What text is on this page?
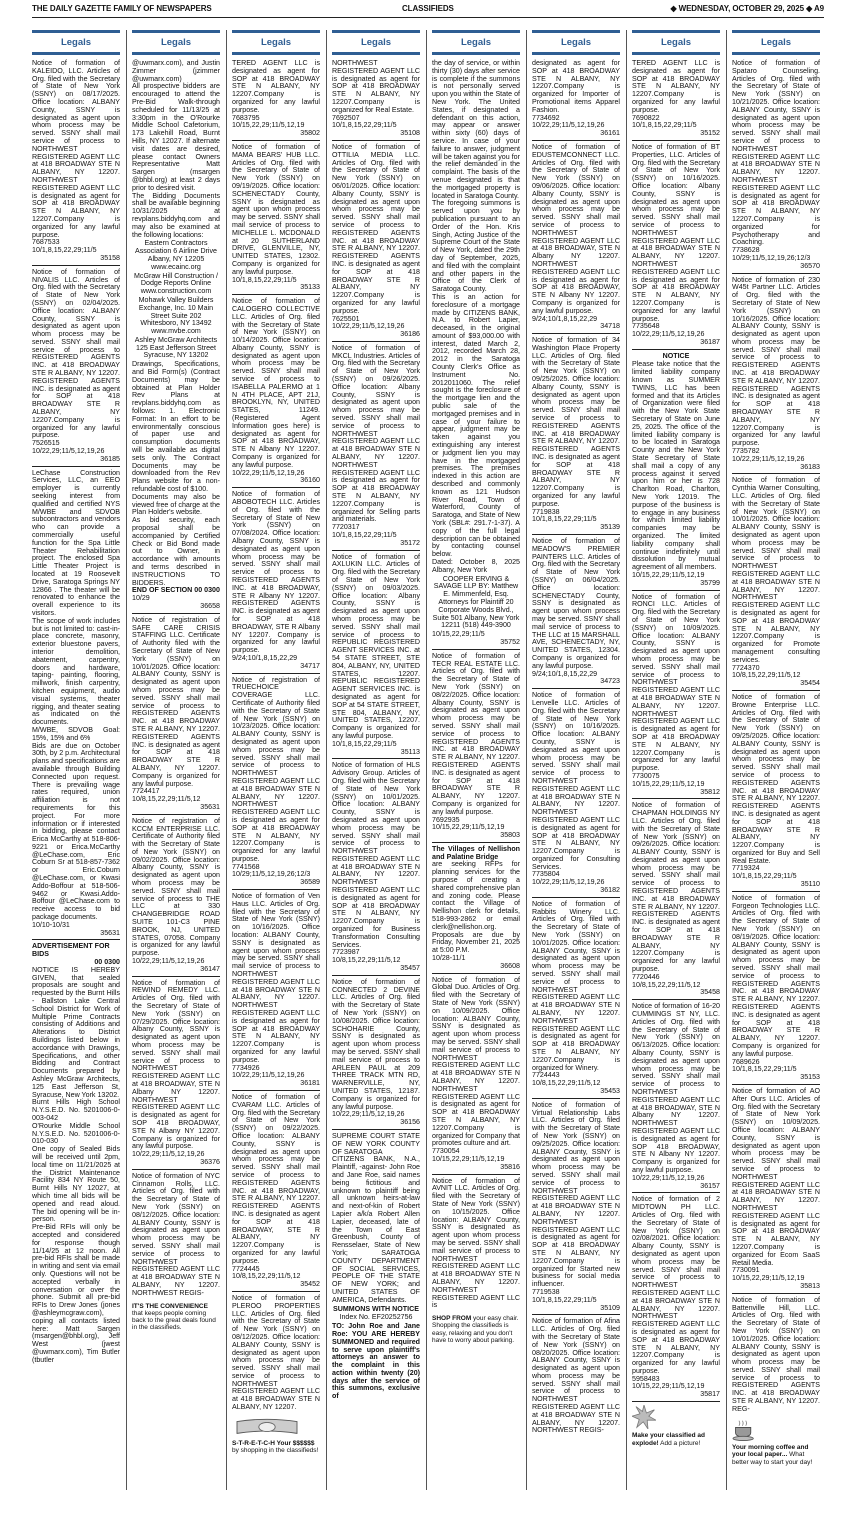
THE DAILY GAZETTE FAMILY OF NEWSPAPERS	CLASSIFIEDS	◆ WEDNESDAY, OCTOBER 29, 2025 ◆ A9
Legals

Notice of formation of KALEIDO, LLC. Articles of Org. filed with the Secretary of State of New York (SSNY) on 08/17/2025. Office location: ALBANY County, SSNY is designated as agent upon whom process may be served. SSNY shall mail service of process to NORTHWEST REGISTERED AGENT LLC at 418 BROADWAY STE N ALBANY, NY 12207. NORTHWEST REGISTERED AGENT LLC is designated as agent for SOP at 418 BROADWAY STE N ALBANY, NY 12207.Company is organized for any lawful purpose.

7687533

10/1,8,15,22,29;11/5

35158

Notice of formation of NIVALIS LLC. Articles of Org. filed with the Secretary of State of New York (SSNY) on 02/04/2025. Office location: ALBANY County, SSNY is designated as agent upon whom process may be served. SSNY shall mail service of process to REGISTERED AGENTS INC. at 418 BROADWAY STE R ALBANY, NY 12207. REGISTERED AGENTS INC. is designated as agent for SOP at 418 BROADWAY STE R ALBANY, NY 12207.Company is organized for any lawful purpose.

7526515

10/22,29;11/5,12,19,26

36185

LeChase Construction Services, LLC, an EEO employer is currently seeking interest from qualified and certified NYS M/WBE and SDVOB subcontractors and vendors who can provide a commercially useful function for the Spa Little Theater Rehabilitation project. The enclosed Spa Little Theater Project is located at 19 Roosevelt Drive, Saratoga Springs NY 12866 . The theater will be renovated to enhance the overall experience to its visitors.

The scope of work includes but is not limited to: cast-in-place concrete, masonry, exterior bluestone pavers, interior demolition, abatement, carpentry, doors and hardware, taping- painting, flooring, millwork, finish carpentry, kitchen equipment, audio visual systems, theater rigging, and theater seating as indicated on the documents.

M/WBE, SDVOB Goal: 15%, 15% and 6%

Bids are due on October 30th, by 2 p.m. Architectural plans and specifications are available through Building Connected upon request. There is prevailing wage rates required, union affiliation is not requirements for this project. For more information or if interested in bidding, please contact Erica McCarthy at 518-806-9221 or Erica.McCarthy @LeChase.com, Eric Coburn Sr at 518-857-7362 or Eric.Coburn @LeChase.com, or Kwasi Addo-Boffour at 518-506-9462 or Kwasi.Addo-Boffour @LeChase.com to receive access to bid package documents.

10/10-10/31

35631

ADVERTISEMENT FOR BIDS

00 0300

NOTICE IS HEREBY GIVEN, that sealed proposals are sought and requested by the Burnt Hills - Ballston Lake Central School District for Work of Multiple Prime Contracts consisting of Additions and Alterations to District Buildings listed below in accordance with Drawings, Specifications, and other Bidding and Contract Documents prepared by Ashley McGraw Architects, 125 East Jefferson St, Syracuse, New York 13202.

Burnt Hills High School N.Y.S.E.D. No. 5201006-0-003-042

O'Rourke Middle School N.Y.S.E.D. No. 5201006-0-010-030

One copy of Sealed Bids will be received until 2pm, local time on 11/21/2025 at the District Maintenance Facility 834 NY Route 50, Burnt Hills NY 12027, at which time all bids will be opened and read aloud. The bid opening will be in-person.

Pre-Bid RFIs will only be accepted and considered for response though 11/14/25 at 12 noon. All pre-bid RFIs shall be made in writing and sent via email only. Questions will not be accepted verbally in conversation or over the phone. Submit all pre-bid RFIs to Drew Jones (jones @ashleymcgraw.com), coping all contacts listed here: Matt Sargen (msargen@bhbl.org), Jeff West (jwest @uwmarx.com), Tim Butler (tbutler

Legals

@uwmarx.com), and Justin Zimmer (jzimmer @uwmarx.com)

All prospective bidders are encouraged to attend the Pre-Bid Walk-through scheduled for 11/13/25 at 3:30pm in the O'Rourke Middle School Cafetorium, 173 Lakehill Road, Burnt Hills, NY 12027. If alternate visit dates are desired, please contact Owners Representative Matt Sargen (msargen @bhbl.org) at least 2 days prior to desired visit.

The Bidding Documents shall be available beginning 10/31/2025 at revplans.biddyhq.com and may also be examined at the following locations:

Eastern Contractors Association 6 Airline Drive Albany, NY 12205 www.ecainc.org

McGraw Hill Construction / Dodge Reports Online www.construction.com

Mohawk Valley Builders Exchange, Inc. 10 Main Street Suite 202 Whitesboro, NY 13492 www.mvbe.com

Ashley McGraw Architects 125 East Jefferson Street Syracuse, NY 13202

Drawings, Specifications, and Bid Form(s) (Contract Documents) may be obtained at Plan Holder Rev Plans at revplans.biddyhq.com as follows: 1. Electronic Format: In an effort to be environmentally conscious of paper use and consumption documents will be available as digital sets only. The Contract Documents may be downloaded from the Rev Plans website for a non-refundable cost of $100.

Documents may also be viewed free of charge at the Plan Holder's website.

As bid security, each proposal shall be accompanied by Certified Check or Bid Bond made out to Owner, in accordance with amounts and terms described in INSTRUCTIONS TO BIDDERS.

END OF SECTION 00 0300

10/29

36658

Notice of registration of SAFE CARE CRISIS STAFFING LLC. Certificate of Authority filed with the Secretary of State of New York (SSNY) on 10/01/2025. Office location: ALBANY County, SSNY is designated as agent upon whom process may be served. SSNY shall mail service of process to REGISTERED AGENTS INC. at 418 BROADWAY STE R ALBANY, NY 12207. REGISTERED AGENTS INC. is designated as agent for SOP at 418 BROADWAY STE R ALBANY, NY 12207. Company is organized for any lawful purpose.

7724417

10/8,15,22,29;11/5,12

35631

Notice of registration of KCCM ENTERPRISE LLC. Certificate of Authority filed with the Secretary of State of New York (SSNY) on 09/02/2025. Office location: Albany County, SSNY is designated as agent upon whom process may be served. SSNY shall mail service of process to THE LLC at 330 CHANGEBRIDGE ROAD SUITE 101-C3 PINE BROOK, NJ, UNITED STATES, 07058. Company is organized for any lawful purpose.

10/22,29;11/5,12,19,26

36147

Notice of formation of REWIND REMEDY LLC. Articles of Org. filed with the Secretary of State of New York (SSNY) on 07/29/2025. Office location: Albany County, SSNY is designated as agent upon whom process may be served. SSNY shall mail service of process to NORTHWEST REGISTERED AGENT LLC at 418 BROADWAY, STE N Albany NY 12207. NORTHWEST REGISTERED AGENT LLC is designated as agent for SOP 418 BROADWAY, STE N Albany NY 12207. Company is organized for any lawful purpose.

10/22,29;11/5,12,19,26

36376

Notice of formation of NYC Cinnamon Rolls, LLC. Articles of Org. filed with the Secretary of State of New York (SSNY) on 08/12/2025. Office location: ALBANY County, SSNY is designated as agent upon whom process may be served. SSNY shall mail service of process to NORTHWEST REGISTERED AGENT LLC at 418 BROADWAY STE N ALBANY, NY 12207. NORTHWEST REGIS-

IT'S THE CONVENIENCE that keeps people coming back to the great deals found in the classifieds.
Legals

TERED AGENT LLC is designated as agent for SOP at 418 BROADWAY STE N ALBANY, NY 12207.Company is organized for any lawful purpose.

7683795

10/15,22,29;11/5,12,19

35802

Notice of formation of MAMA BEARS' HUB LLC. Articles of Org. filed with the Secretary of State of New York (SSNY) on 09/19/2025. Office location: SCHENECTADY County, SSNY is designated as agent upon whom process may be served. SSNY shall mail service of process to MICHELLE L. MCDONALD at 20 SUTHERLAND DRIVE, GLENVILLE, NY, UNITED STATES, 12302. Company is organized for any lawful purpose.

10/1,8,15,22,29;11/5

35133

Notice of formation of CALOGERO COLLECTIVE LLC. Articles of Org. filed with the Secretary of State of New York (SSNY) on 10/14/2025. Office location: Albany County, SSNY is designated as agent upon whom process may be served. SSNY shall mail service of process to ISABELLA PALERMO at 1 N 4TH PLACE, APT 21J, BROOKLYN, NY, UNITED STATES, 11249. (Registered Agent Information goes here) is designated as agent for SOP at 418 BROADWAY, STE N Albany NY 12207. Company is organized for any lawful purpose.

10/22,29;11/5,12,19,26

36160

Notice of formation of ABOBOTECH LLC. Articles of Org. filed with the Secretary of State of New York (SSNY) on 07/08/2024. Office location: Albany County, SSNY is designated as agent upon whom process may be served. SSNY shall mail service of process to REGISTERED AGENTS INC. at 418 BROADWAY, STE R Albany NY 12207. REGISTERED AGENTS INC. is designated as agent for SOP at 418 BROADWAY, STE R Albany NY 12207. Company is organized for any lawful purpose.

9/24;10/1,8,15,22,29

34717

Notice of registration of TRUECHOICE COVERAGE LLC. Certificate of Authority filed with the Secretary of State of New York (SSNY) on 10/23/2025. Office location: ALBANY County, SSNY is designated as agent upon whom process may be served. SSNY shall mail service of process to NORTHWEST REGISTERED AGENT LLC at 418 BROADWAY STE N ALBANY, NY 12207. NORTHWEST REGISTERED AGENT LLC is designated as agent for SOP at 418 BROADWAY STE N ALBANY, NY 12207.Company is organized for any lawful purpose.

7741568

10/29;11/5,12,19,26;12/3

36589

Notice of formation of Ven Haus LLC. Articles of Org. filed with the Secretary of State of New York (SSNY) on 10/16/2025. Office location: ALBANY County, SSNY is designated as agent upon whom process may be served. SSNY shall mail service of process to NORTHWEST REGISTERED AGENT LLC at 418 BROADWAY STE N ALBANY, NY 12207. NORTHWEST REGISTERED AGENT LLC is designated as agent for SOP at 418 BROADWAY STE N ALBANY, NY 12207.Company is organized for any lawful purpose.

7734926

10/22,29;11/5,12,19,26

36181

Notice of formation of CVARAM LLC. Articles of Org. filed with the Secretary of State of New York (SSNY) on 09/22/2025. Office location: ALBANY County, SSNY is designated as agent upon whom process may be served. SSNY shall mail service of process to REGISTERED AGENTS INC. at 418 BROADWAY, STE R ALBANY, NY 12207. REGISTERED AGENTS INC. is designated as agent for SOP at 418 BROADWAY, STE R ALBANY, NY 12207.Company is organized for any lawful purpose.

7724445

10/8,15,22,29;11/5,12

35452

Notice of formation of PLEROO PROPERTIES LLC. Articles of Org. filed with the Secretary of State of New York (SSNY) on 08/12/2025. Office location: ALBANY County, SSNY is designated as agent upon whom process may be served. SSNY shall mail service of process to NORTHWEST REGISTERED AGENT LLC at 418 BROADWAY STE N ALBANY, NY 12207.

S-T-R-E-T-C-H Your $$$$$$ by shopping in the classifieds!
Legals

NORTHWEST REGISTERED AGENT LLC is designated as agent for SOP at 418 BROADWAY STE N ALBANY, NY 12207.Company is organized for Real Estate.

7692507

10/1,8,15,22,29;11/5

35108

Notice of formation of OTTILIA MEDIA LLC. Articles of Org. filed with the Secretary of State of New York (SSNY) on 06/01/2025. Office location: Albany County, SSNY is designated as agent upon whom process may be served. SSNY shall mail service of process to REGISTERED AGENTS INC. at 418 BROADWAY STE R ALBANY, NY 12207. REGISTERED AGENTS INC. is designated as agent for SOP at 418 BROADWAY STE R ALBANY, NY 12207.Company is organized for any lawful purpose.

7625501

10/22,29;11/5,12,19,26

36186

Notice of formation of MKCL Industries. Articles of Org. filed with the Secretary of State of New York (SSNY) on 09/26/2025. Office location: Albany County, SSNY is designated as agent upon whom process may be served. SSNY shall mail service of process to NORTHWEST REGISTERED AGENT LLC at 418 BROADWAY STE N ALBANY, NY 12207. NORTHWEST REGISTERED AGENT LLC is designated as agent for SOP at 418 BROADWAY STE N ALBANY, NY 12207.Company is organized for Selling parts and materials.

7720317

10/1,8,15,22,29;11/5

35172

Notice of formation of AXLUKIN LLC. Articles of Org. filed with the Secretary of State of New York (SSNY) on 09/03/2025. Office location: Albany County, SSNY is designated as agent upon whom process may be served. SSNY shall mail service of process to REPUBLIC REGISTERED AGENT SERVICES INC. at 54 STATE STREET, STE 804, ALBANY, NY, UNITED STATES, 12207. REPUBLIC REGISTERED AGENT SERVICES INC. is designated as agent for SOP at 54 STATE STREET, STE 804, ALBANY, NY, UNITED STATES, 12207. Company is organized for any lawful purpose.

10/1,8,15,22,29;11/5

35113

Notice of formation of HLS Advisory Group. Articles of Org. filed with the Secretary of State of New York (SSNY) on 10/01/2025. Office location: ALBANY County, SSNY is designated as agent upon whom process may be served. SSNY shall mail service of process to NORTHWEST REGISTERED AGENT LLC at 418 BROADWAY STE N ALBANY, NY 12207. NORTHWEST REGISTERED AGENT LLC is designated as agent for SOP at 418 BROADWAY STE N ALBANY, NY 12207.Company is organized for Business Transformation Consulting Services.

7723987

10/8,15,22,29;11/5,12

35457

Notice of formation of CONNECTED 2 DEVINE LLC. Articles of Org. filed with the Secretary of State of New York (SSNY) on 10/08/2025. Office location: SCHOHARIE County, SSNY is designated as agent upon whom process may be served. SSNY shall mail service of process to ARLEEN PAUL at 209 THREE TRACK MTN RD, WARNERVILLE, NY, UNITED STATES, 12187. Company is organized for any lawful purpose.

10/22,29;11/5,12,19,26

36156

SUPREME COURT STATE OF NEW YORK COUNTY OF SARATOGA

CITIZENS BANK, N.A., Plaintiff, -against- John Roe and Jane Roe, said names being fictitious and unknown to plaintiff being all unknown heirs-at-law and next-of-kin of Robert Lapier a/k/a Robert Allen Lapier, deceased, late of the Town of East Greenbush, County of Rensselaer, State of New York; SARATOGA COUNTY DEPARTMENT OF SOCIAL SERVICES, PEOPLE OF THE STATE OF NEW YORK; and UNITED STATES OF AMERICA, Defendants.

SUMMONS WITH NOTICE

Index No. EF20252756

TO: John Roe and Jane Roe: YOU ARE HEREBY SUMMONED and required to serve upon plaintiff's attorneys an answer to the complaint in this action within twenty (20) days after the service of this summons, exclusive of

Legals

the day of service, or within thirty (30) days after service is complete if the summons is not personally served upon you within the State of New York. The United States, if designated a defendant on this action, may appear or answer within sixty (60) days of service. In case of your failure to answer, judgment will be taken against you for the relief demanded in the complaint. The basis of the venue designated is that the mortgaged property is located in Saratoga County.

The foregoing summons is served upon you by publication pursuant to an Order of the Hon. Kris Singh, Acting Justice of the Supreme Court of the State of New York, dated the 29th day of September, 2025, and filed with the complaint and other papers in the Office of the Clerk of Saratoga County.

This is an action for foreclosure of a mortgage made by CITIZENS BANK, N.A. to Robert Lapier, deceased, in the original amount of $93,000.00 with interest, dated March 2, 2012, recorded March 28, 2012 in the Saratoga County Clerk's Office as Instrument No. 2012011060. The relief sought is the foreclosure of the mortgage lien and the public sale of the mortgaged premises and in case of your failure to appear, judgment may be taken against you extinguishing any interest or judgment lien you may have in the mortgaged premises. The premises indexed in this action are described and commonly known as 121 Hudson River Road, Town of Waterford, County of Saratoga, and State of New York (SBL#: 291.7-1-37). A copy of the full legal description can be obtained by contacting counsel below.

Dated: October 8, 2025 Albany, New York

COOPER ERVING & SAVAGE LLP BY: Matthew E. Mimmenfeld, Esq. Attorneys for Plaintiff 20 Corporate Woods Blvd., Suite 501 Albany, New York 12211 (518) 449-3900

10/15,22,29;11/5

35752

Notice of formation of TECR REAL ESTATE LLC. Articles of Org. filed with the Secretary of State of New York (SSNY) on 08/22/2025. Office location: Albany County, SSNY is designated as agent upon whom process may be served. SSNY shall mail service of process to REGISTERED AGENTS INC. at 418 BROADWAY STE R ALBANY, NY 12207. REGISTERED AGENTS INC. is designated as agent for SOP at 418 BROADWAY STE R ALBANY, NY 12207. Company is organized for any lawful purpose.

7692935

10/15,22,29;11/5,12,19

35803

The Villages of Nellishon and Palatine Bridge

are seeking RFPs for planning services for the purpose of creating a shared comprehensive plan and zoning code. Please contact the Village of Nellishon clerk for details, 518-993-2862 or email clerk@nellishon.org. Proposals are due by Friday, November 21, 2025 at 5:00 P.M.

10/28-11/1

36608

Notice of formation of Global Duo. Articles of Org. filed with the Secretary of State of New York (SSNY) on 10/09/2025. Office location: ALBANY County, SSNY is designated as agent upon whom process may be served. SSNY shall mail service of process to NORTHWEST REGISTERED AGENT LLC at 418 BROADWAY STE N ALBANY, NY 12207. NORTHWEST REGISTERED AGENT LLC is designated as agent for SOP at 418 BROADWAY STE N ALBANY, NY 12207.Company is organized for Company that promotes culture and art.

7730054

10/15,22,29;11/5,12,19

35816

Notice of formation of AVNIT LLC. Articles of Org. filed with the Secretary of State of New York (SSNY) on 10/15/2025. Office location: ALBANY County, SSNY is designated as agent upon whom process may be served. SSNY shall mail service of process to NORTHWEST REGISTERED AGENT LLC at 418 BROADWAY STE N ALBANY, NY 12207. NORTHWEST REGISTERED AGENT LLC is

SHOP FROM your easy chair. Shopping the classifieds is easy, relaxing and you don't have to worry about parking.
Legals

designated as agent for SOP at 418 BROADWAY STE N ALBANY, NY 12207.Company is organized for Importer of Promotional items Apparel Fashion.

7734692

10/22,29;11/5,12,19,26

36161

Notice of formation of EDUSTEMCONNECT LLC. Articles of Org. filed with the Secretary of State of New York (SSNY) on 09/06/2025. Office location: Albany County, SSNY is designated as agent upon whom process may be served. SSNY shall mail service of process to NORTHWEST REGISTERED AGENT LLC at 418 BROADWAY, STE N Albany NY 12207. NORTHWEST REGISTERED AGENT LLC is designated as agent for SOP at 418 BROADWAY, STE N Albany NY 12207. Company is organized for any lawful purpose.

9/24;10/1,8,15,22,29

34718

Notice of formation of 34 Washington Place Property LLC. Articles of Org. filed with the Secretary of State of New York (SSNY) on 09/25/2025. Office location: Albany County, SSNY is designated as agent upon whom process may be served. SSNY shall mail service of process to REGISTERED AGENTS INC. at 418 BROADWAY STE R ALBANY, NY 12207. REGISTERED AGENTS INC. is designated as agent for SOP at 418 BROADWAY STE R ALBANY, NY 12207.Company is organized for any lawful purpose.

7719838

10/1,8,15,22,29;11/5

35139

Notice of formation of MEADOW'S PREMIER PAINTERS LLC. Articles of Org. filed with the Secretary of State of New York (SSNY) on 06/04/2025. Office location: SCHENECTADY County, SSNY is designated as agent upon whom process may be served. SSNY shall mail service of process to THE LLC at 15 MARSHALL AVE, SCHENECTADY, NY, UNITED STATES, 12304. Company is organized for any lawful purpose.

9/24;10/1,8,15,22,29

34723

Notice of formation of Lenvelle LLC. Articles of Org. filed with the Secretary of State of New York (SSNY) on 10/16/2025. Office location: ALBANY County, SSNY is designated as agent upon whom process may be served. SSNY shall mail service of process to NORTHWEST REGISTERED AGENT LLC at 418 BROADWAY STE N ALBANY, NY 12207. NORTHWEST REGISTERED AGENT LLC is designated as agent for SOP at 418 BROADWAY STE N ALBANY, NY 12207.Company is organized for Consulting Services.

7735804

10/22,29;11/5,12,19,26

36182

Notice of formation of Rabbits Winery LLC. Articles of Org. filed with the Secretary of State of New York (SSNY) on 10/01/2025. Office location: ALBANY County, SSNY is designated as agent upon whom process may be served. SSNY shall mail service of process to NORTHWEST REGISTERED AGENT LLC at 418 BROADWAY STE N ALBANY, NY 12207. NORTHWEST REGISTERED AGENT LLC is designated as agent for SOP at 418 BROADWAY STE N ALBANY, NY 12207.Company is organized for Winery.

7724443

10/8,15,22,29;11/5,12

35453

Notice of formation of Virtual Relationship Labs LLC. Articles of Org. filed with the Secretary of State of New York (SSNY) on 09/25/2025. Office location: ALBANY County, SSNY is designated as agent upon whom process may be served. SSNY shall mail service of process to NORTHWEST REGISTERED AGENT LLC at 418 BROADWAY STE N ALBANY, NY 12207. NORTHWEST REGISTERED AGENT LLC is designated as agent for SOP at 418 BROADWAY STE N ALBANY, NY 12207.Company is organized for Started new business for social media influencer.

7719538

10/1,8,15,22,29;11/5

35109

Notice of formation of Afina LLC. Articles of Org. filed with the Secretary of State of New York (SSNY) on 08/20/2025. Office location: ALBANY County, SSNY is designated as agent upon whom process may be served. SSNY shall mail service of process to NORTHWEST REGISTERED AGENT LLC at 418 BROADWAY STE N ALBANY, NY 12207. NORTHWEST REGIS-

Legals

TERED AGENT LLC is designated as agent for SOP at 418 BROADWAY STE N ALBANY, NY 12207.Company is organized for any lawful purpose.

7690822

10/1,8,15,22,29;11/5

35152

Notice of formation of BT Properties, LLC. Articles of Org. filed with the Secretary of State of New York (SSNY) on 10/16/2025. Office location: Albany County, SSNY is designated as agent upon whom process may be served. SSNY shall mail service of process to NORTHWEST REGISTERED AGENT LLC at 418 BROADWAY STE N ALBANY, NY 12207. NORTHWEST REGISTERED AGENT LLC is designated as agent for SOP at 418 BROADWAY STE N ALBANY, NY 12207.Company is organized for any lawful purpose.

7735648

10/22,29;11/5,12,19,26

36187

NOTICE

Please take notice that the limited liability company known as SUMMER TWINS, LLC has been formed and that its Articles of Organization were filed with the New York State Secretary of State on June 25, 2025. The office of the limited liability company is to be located in Saratoga County and the New York State Secretary of State shall mail a copy of any process against it served upon him or her is 728 Charlton Road, Charlton, New York 12019. The purpose of the business is to engage in any business for which limited liability companies may be organized. The limited liability company shall continue indefinitely until dissolution by mutual agreement of all members.

10/15,22,29;11/5,12,19

35799

Notice of formation of RONCI LLC. Articles of Org. filed with the Secretary of State of New York (SSNY) on 10/09/2025. Office location: ALBANY County, SSNY is designated as agent upon whom process may be served. SSNY shall mail service of process to NORTHWEST REGISTERED AGENT LLC at 418 BROADWAY STE N ALBANY, NY 12207. NORTHWEST REGISTERED AGENT LLC is designated as agent for SOP at 418 BROADWAY STE N ALBANY, NY 12207.Company is organized for any lawful purpose.

7730075

10/15,22,29;11/5,12,19

35812

Notice of formation of CHAPMAN HOLDINGS NY LLC. Articles of Org. filed with the Secretary of State of New York (SSNY) on 09/26/2025. Office location: ALBANY County, SSNY is designated as agent upon whom process may be served. SSNY shall mail service of process to REGISTERED AGENTS INC. at 418 BROADWAY STE R ALBANY, NY 12207. REGISTERED AGENTS INC. is designated as agent for SOP at 418 BROADWAY STE R ALBANY, NY 12207.Company is organized for any lawful purpose.

7720446

10/8,15,22,29;11/5,12

35458

Notice of formation of 16-20 CUMMINGS ST NY, LLC. Articles of Org. filed with the Secretary of State of New York (SSNY) on 06/13/2025. Office location: Albany County, SSNY is designated as agent upon whom process may be served. SSNY shall mail service of process to NORTHWEST REGISTERED AGENT LLC at 418 BROADWAY, STE N Albany NY 12207. NORTHWEST REGISTERED AGENT LLC is designated as agent for SOP 418 BROADWAY, STE N Albany NY 12207. Company is organized for any lawful purpose.

10/22,29;11/5,12,19,26

36157

Notice of formation of 2 MIDTOWN PH LLC. Articles of Org. filed with the Secretary of State of New York (SSNY) on 02/08/2021. Office location: Albany County, SSNY is designated as agent upon whom process may be served. SSNY shall mail service of process to NORTHWEST REGISTERED AGENT LLC at 418 BROADWAY STE N ALBANY, NY 12207. NORTHWEST REGISTERED AGENT LLC is designated as agent for SOP at 418 BROADWAY STE N ALBANY, NY 12207.Company is organized for any lawful purpose.

5958483

10/15,22,29;11/5,12,19

35817

Make your classified ad explode! Add a picture!
Legals

Notice of formation of Spataro Counseling. Articles of Org. filed with the Secretary of State of New York (SSNY) on 10/21/2025. Office location: ALBANY County, SSNY is designated as agent upon whom process may be served. SSNY shall mail service of process to NORTHWEST REGISTERED AGENT LLC at 418 BROADWAY STE N ALBANY, NY 12207. NORTHWEST REGISTERED AGENT LLC is designated as agent for SOP at 418 BROADWAY STE N ALBANY, NY 12207.Company is organized for Psychotherapy and Coaching.

7738628

10/29;11/5,12,19,26;12/3

36570

Notice of formation of 230 W45t Partner LLC. Articles of Org. filed with the Secretary of State of New York (SSNY) on 10/16/2025. Office location: ALBANY County, SSNY is designated as agent upon whom process may be served. SSNY shall mail service of process to REGISTERED AGENTS INC. at 418 BROADWAY STE R ALBANY, NY 12207. REGISTERED AGENTS INC. is designated as agent for SOP at 418 BROADWAY STE R ALBANY, NY 12207.Company is organized for any lawful purpose.

7735782

10/22,29;11/5,12,19,26

36183

Notice of formation of Cynthia Warner Consulting, LLC. Articles of Org. filed with the Secretary of State of New York (SSNY) on 10/01/2025. Office location: ALBANY County, SSNY is designated as agent upon whom process may be served. SSNY shall mail service of process to NORTHWEST REGISTERED AGENT LLC at 418 BROADWAY STE N ALBANY, NY 12207. NORTHWEST REGISTERED AGENT LLC is designated as agent for SOP at 418 BROADWAY STE N ALBANY, NY 12207.Company is organized for Promote management consulting services.

7724370

10/8,15,22,29;11/5,12

35454

Notice of formation of Browne Enterprise LLC. Articles of Org. filed with the Secretary of State of New York (SSNY) on 09/25/2025. Office location: ALBANY County, SSNY is designated as agent upon whom process may be served. SSNY shall mail service of process to REGISTERED AGENTS INC. at 418 BROADWAY STE R ALBANY, NY 12207. REGISTERED AGENTS INC. is designated as agent for SOP at 418 BROADWAY STE R ALBANY, NY 12207.Company is organized for Buy and Sell Real Estate.

7719324

10/1,8,15,22,29;11/5

35110

Notice of formation of Forgeon Technologies LLC. Articles of Org. filed with the Secretary of State of New York (SSNY) on 08/19/2025. Office location: ALBANY County, SSNY is designated as agent upon whom process may be served. SSNY shall mail service of process to REGISTERED AGENTS INC. at 418 BROADWAY STE R ALBANY, NY 12207. REGISTERED AGENTS INC. is designated as agent for SOP at 418 BROADWAY STE R ALBANY, NY 12207. Company is organized for any lawful purpose.

7689626

10/1,8,15,22,29;11/5

35153

Notice of formation of AO After Ours LLC. Articles of Org. filed with the Secretary of State of New York (SSNY) on 10/09/2025. Office location: ALBANY County, SSNY is designated as agent upon whom process may be served. SSNY shall mail service of process to NORTHWEST REGISTERED AGENT LLC at 418 BROADWAY STE N ALBANY, NY 12207. NORTHWEST REGISTERED AGENT LLC is designated as agent for SOP at 418 BROADWAY STE N ALBANY, NY 12207.Company is organized for Ecom SaaS Retail Media.

7730091

10/15,22,29;11/5,12,19

35813

Notice of formation of Battenville Hill, LLC. Articles of Org. filed with the Secretary of State of New York (SSNY) on 10/01/2025. Office location: ALBANY County, SSNY is designated as agent upon whom process may be served. SSNY shall mail service of process to REGISTERED AGENTS INC. at 418 BROADWAY STE R ALBANY, NY 12207. REG-

Your morning coffee and your local paper... What better way to start your day!
